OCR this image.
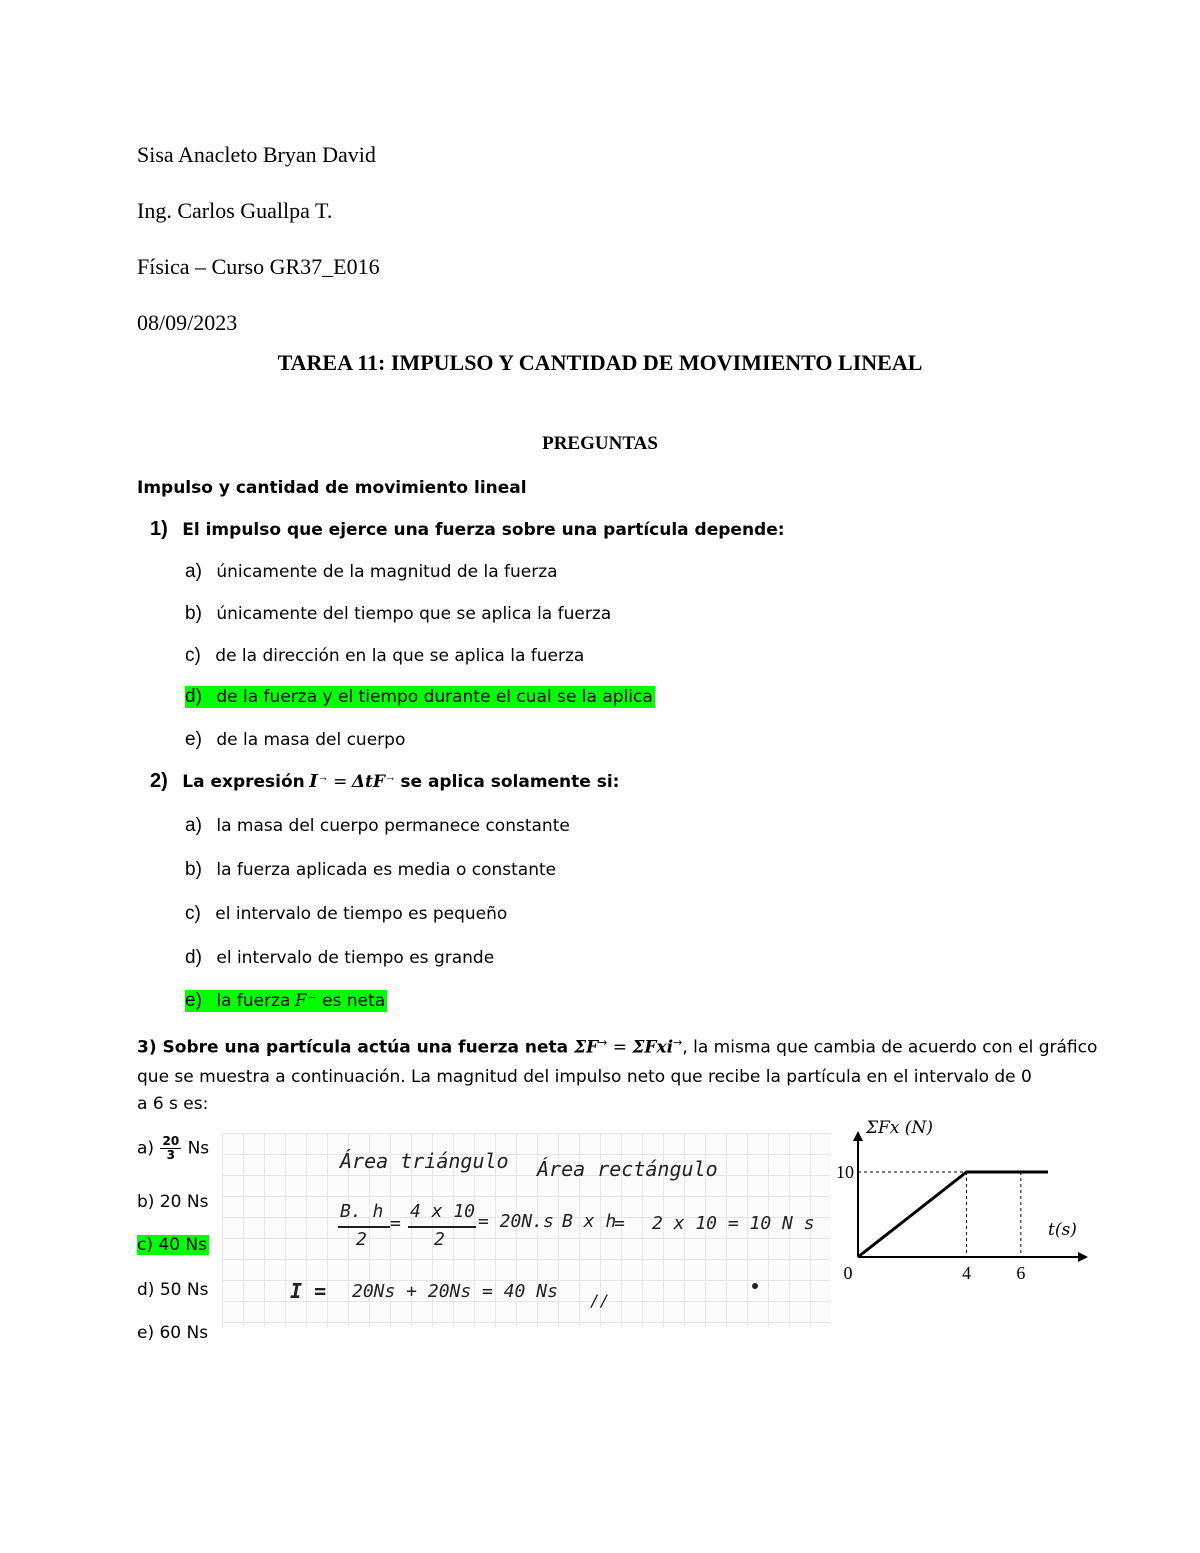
Sisa Anacleto Bryan David
Ing. Carlos Guallpa T.
Física – Curso GR37_E016
08/09/2023
TAREA 11: IMPULSO Y CANTIDAD DE MOVIMIENTO LINEAL
PREGUNTAS
Impulso y cantidad de movimiento lineal
1) El impulso que ejerce una fuerza sobre una partícula depende:
a) únicamente de la magnitud de la fuerza
b) únicamente del tiempo que se aplica la fuerza
c) de la dirección en la que se aplica la fuerza
d) de la fuerza y el tiempo durante el cual se la aplica
e) de la masa del cuerpo
2) La expresión I→ = ΔtF→ se aplica solamente si:
a) la masa del cuerpo permanece constante
b) la fuerza aplicada es media o constante
c) el intervalo de tiempo es pequeño
d) el intervalo de tiempo es grande
e) la fuerza F→ es neta
3) Sobre una partícula actúa una fuerza neta ΣF→ = ΣFxi→, la misma que cambia de acuerdo con el gráfico
que se muestra a continuación. La magnitud del impulso neto que recibe la partícula en el intervalo de 0
a 6 s es:
$a) \frac{20}{3}$ Ns
b) 20 Ns
c) 40 Ns
d) 50 Ns
e) 60 Ns
Área triángulo Área rectángulo
B. h
2
=
4 x 10
2
= 20N.s B x h
= 2 x 10 = 10 N s
I = 20Ns + 20Ns = 40 Ns //
0	4	6
10
ΣFx (N)
t(s)
